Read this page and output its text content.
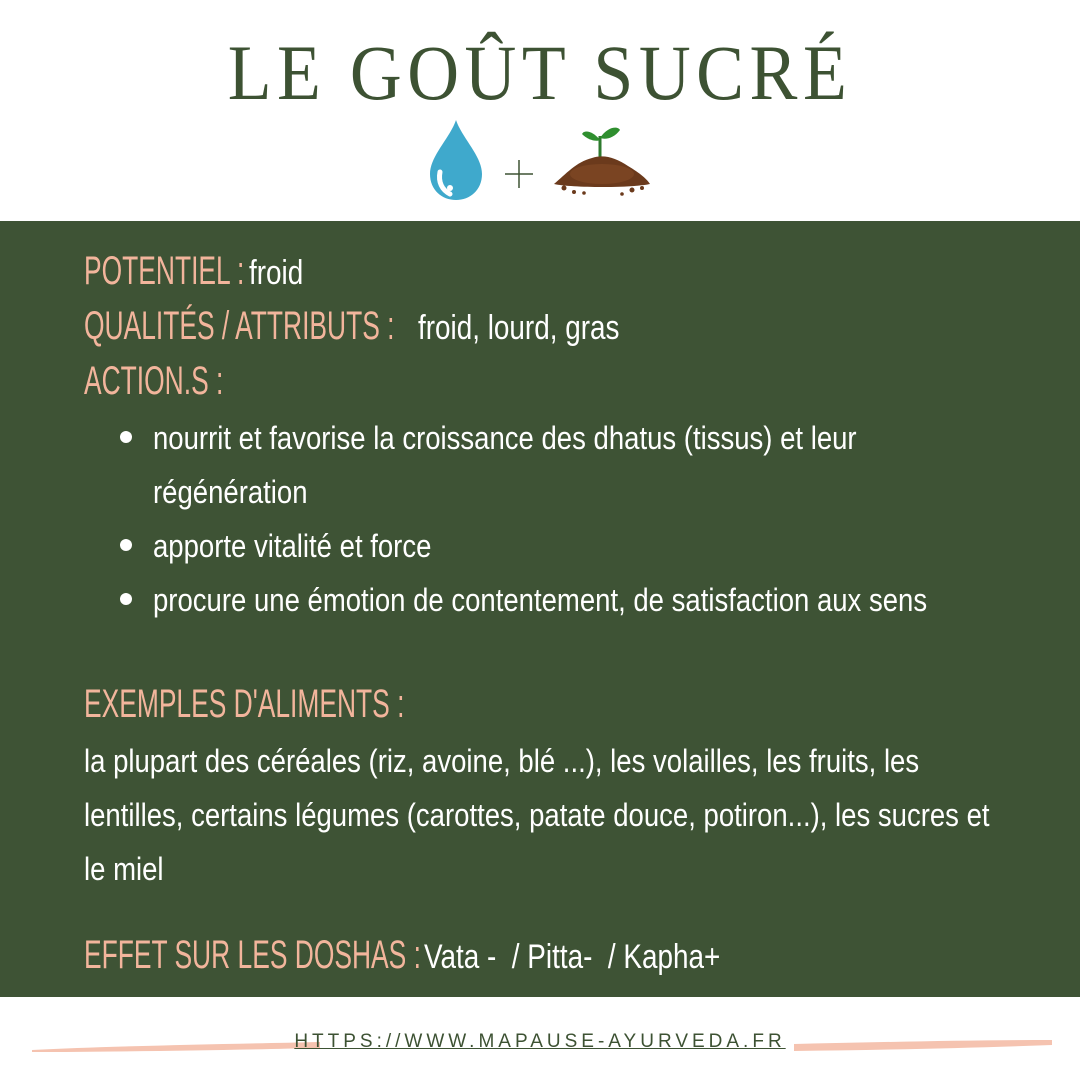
LE GOÛT SUCRÉ
POTENTIEL : froid
QUALITÉS / ATTRIBUTS : froid, lourd, gras
ACTION.S :
nourrit et favorise la croissance des dhatus (tissus) et leur
régénération
apporte vitalité et force
procure une émotion de contentement, de satisfaction aux sens
EXEMPLES D'ALIMENTS :
la plupart des céréales (riz, avoine, blé ...), les volailles, les fruits, les
lentilles, certains légumes (carottes, patate douce, potiron...), les sucres et
le miel
EFFET SUR LES DOSHAS :Vata -  / Pitta-  / Kapha+
HTTPS://WWW.MAPAUSE-AYURVEDA.FR
